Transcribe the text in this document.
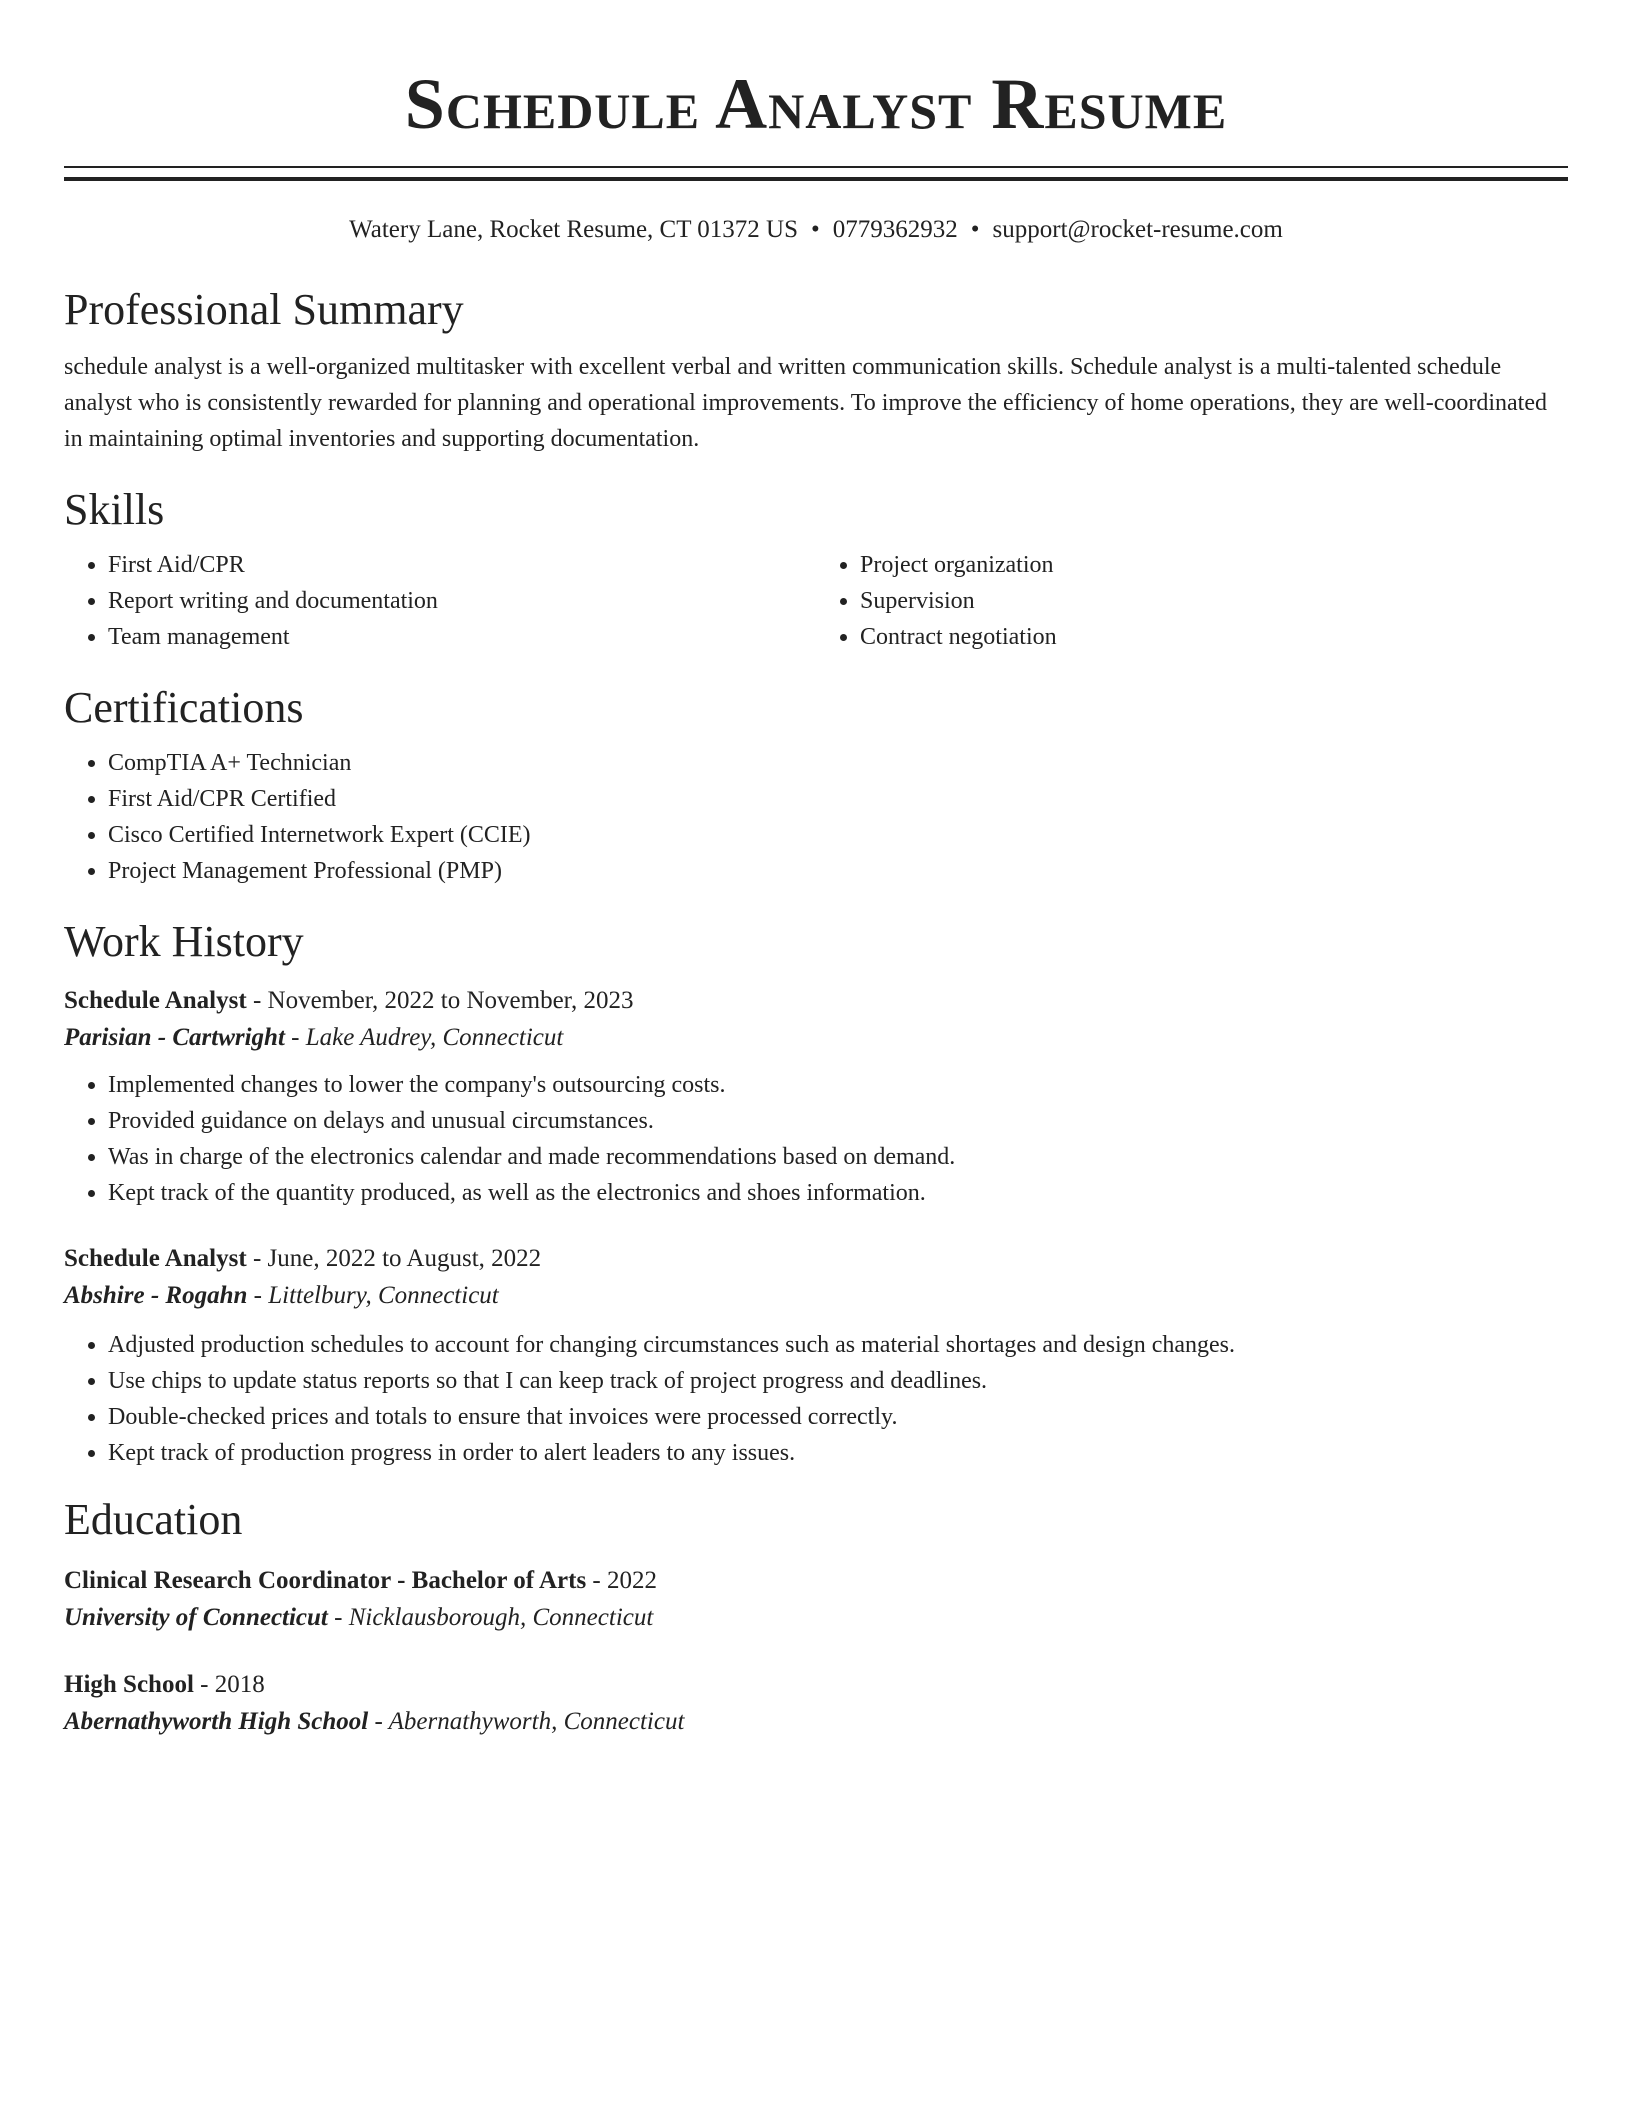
Schedule Analyst Resume
Watery Lane, Rocket Resume, CT 01372 US • 0779362932 • support@rocket-resume.com
Professional Summary

schedule analyst is a well-organized multitasker with excellent verbal and written communication skills. Schedule analyst is a multi-talented schedule analyst who is consistently rewarded for planning and operational improvements. To improve the efficiency of home operations, they are well-coordinated in maintaining optimal inventories and supporting documentation.

Skills
• First Aid/CPR
• Report writing and documentation
• Team management
• Project organization
• Supervision
• Contract negotiation
Certifications
• CompTIA A+ Technician
• First Aid/CPR Certified
• Cisco Certified Internetwork Expert (CCIE)
• Project Management Professional (PMP)
Work History
Schedule Analyst - November, 2022 to November, 2023
Parisian - Cartwright - Lake Audrey, Connecticut
• Implemented changes to lower the company's outsourcing costs.
• Provided guidance on delays and unusual circumstances.
• Was in charge of the electronics calendar and made recommendations based on demand.
• Kept track of the quantity produced, as well as the electronics and shoes information.
Schedule Analyst - June, 2022 to August, 2022
Abshire - Rogahn - Littelbury, Connecticut
• Adjusted production schedules to account for changing circumstances such as material shortages and design changes.
• Use chips to update status reports so that I can keep track of project progress and deadlines.
• Double-checked prices and totals to ensure that invoices were processed correctly.
• Kept track of production progress in order to alert leaders to any issues.
Education
Clinical Research Coordinator - Bachelor of Arts - 2022
University of Connecticut - Nicklausborough, Connecticut
High School - 2018
Abernathyworth High School - Abernathyworth, Connecticut
